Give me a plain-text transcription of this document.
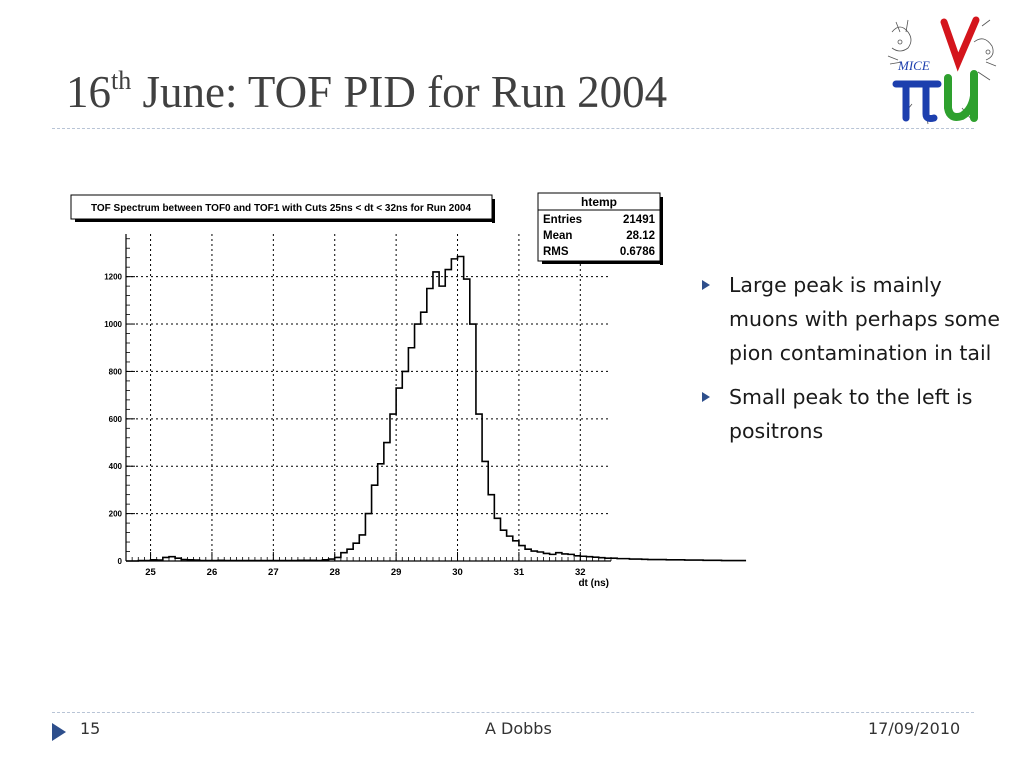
16th June: TOF PID for Run 2004
MICE
0
200
400
600
800
1000
1200
25	26	27	28	29	30	31	32
TOF Spectrum between TOF0 and TOF1 with Cuts 25ns < dt < 32ns for Run 2004	htemp
Entries	21491
Mean	28.12
RMS	0.6786
dt (ns)
Large peak is mainly muons with perhaps some pion contamination in tail
Small peak to the left is positrons
15	A Dobbs	17/09/2010
